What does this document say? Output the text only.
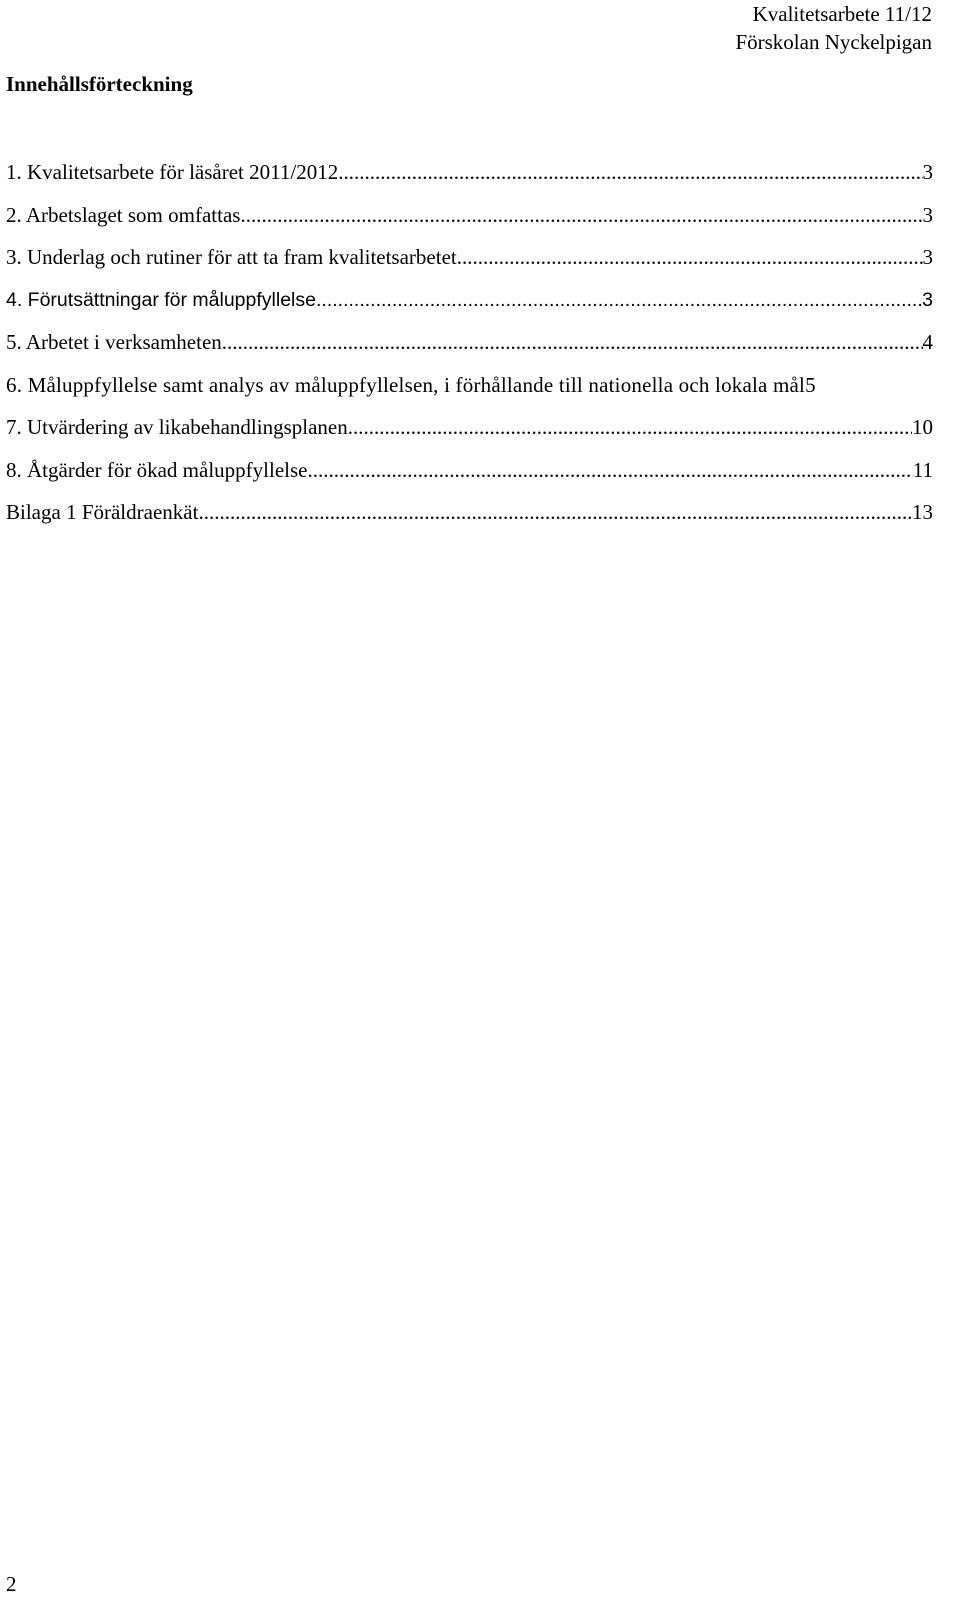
Kvalitetsarbete 11/12
Förskolan Nyckelpigan
Innehållsförteckning
1. Kvalitetsarbete för läsåret 2011/2012 .....	3
2. Arbetslaget som omfattas .....	3
3. Underlag och rutiner för att ta fram kvalitetsarbetet .....	3
4. Förutsättningar för måluppfyllelse .....	3
5. Arbetet i verksamheten .....	4
6. Måluppfyllelse samt analys av måluppfyllelsen, i förhållande till nationella och lokala mål 5
7. Utvärdering av likabehandlingsplanen .....	10
8. Åtgärder för ökad måluppfyllelse .....	11
Bilaga 1 Föräldraenkät .....	13
2
